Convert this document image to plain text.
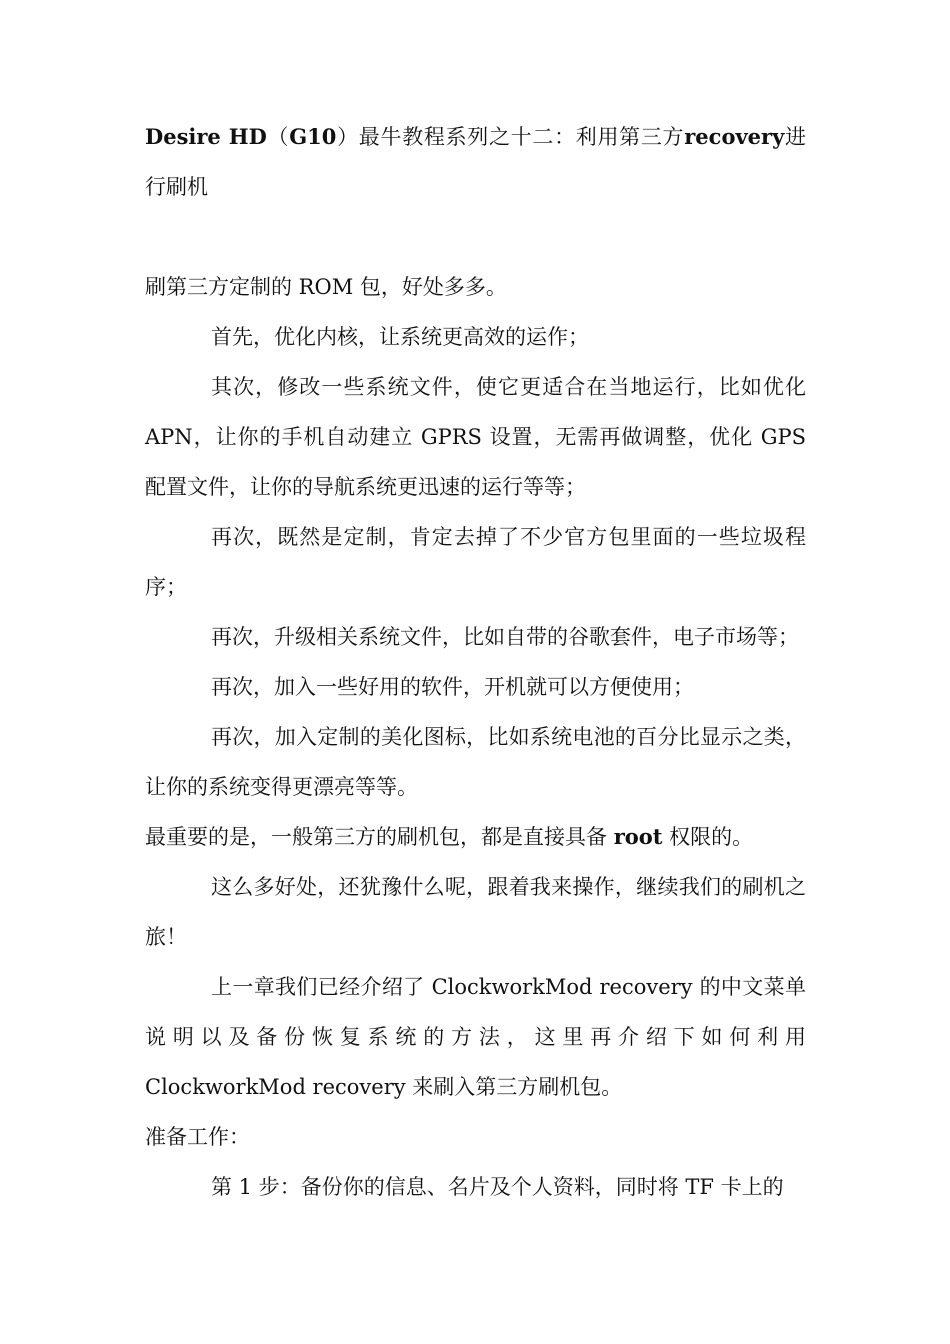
Desire HD（G10）最牛教程系列之十二：利用第三方recovery进行刷机

刷第三方定制的 ROM 包，好处多多。

首先，优化内核，让系统更高效的运作；

其次，修改一些系统文件，使它更适合在当地运行，比如优化 APN，让你的手机自动建立 GPRS 设置，无需再做调整，优化 GPS 配置文件，让你的导航系统更迅速的运行等等；

再次，既然是定制，肯定去掉了不少官方包里面的一些垃圾程序；

再次，升级相关系统文件，比如自带的谷歌套件，电子市场等；

再次，加入一些好用的软件，开机就可以方便使用；

再次，加入定制的美化图标，比如系统电池的百分比显示之类，让你的系统变得更漂亮等等。

最重要的是，一般第三方的刷机包，都是直接具备 root 权限的。

这么多好处，还犹豫什么呢，跟着我来操作，继续我们的刷机之旅！

上一章我们已经介绍了 ClockworkMod recovery 的中文菜单说明以及备份恢复系统的方法，这里再介绍下如何利用 ClockworkMod recovery 来刷入第三方刷机包。

准备工作：

第 1 步：备份你的信息、名片及个人资料，同时将 TF 卡上的
